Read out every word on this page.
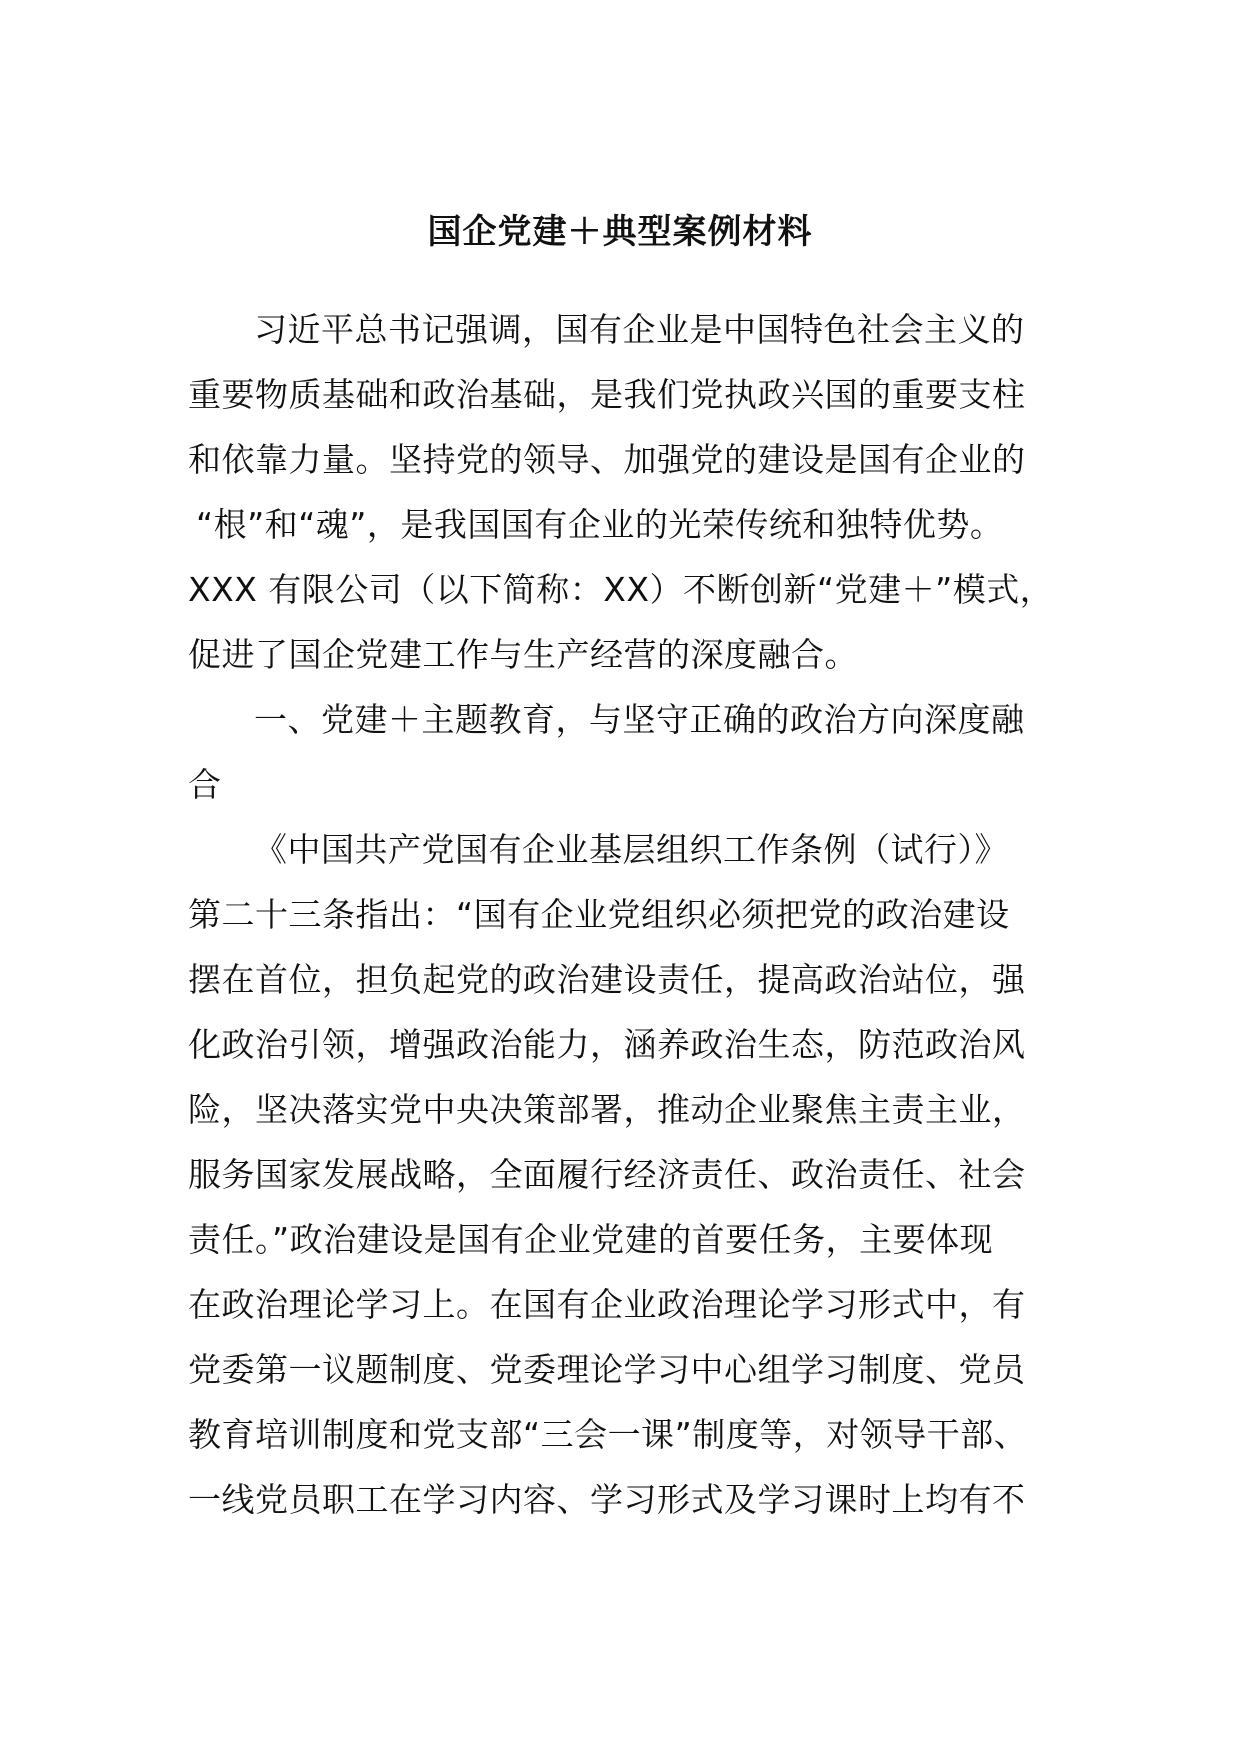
国企党建＋典型案例材料
习近平总书记强调，国有企业是中国特色社会主义的
重要物质基础和政治基础，是我们党执政兴国的重要支柱
和依靠力量。坚持党的领导、加强党的建设是国有企业的
“根”和“魂”，是我国国有企业的光荣传统和独特优势。
XXX 有限公司（以下简称：XX）不断创新“党建＋”模式，
促进了国企党建工作与生产经营的深度融合。
一、党建＋主题教育，与坚守正确的政治方向深度融
合
《中国共产党国有企业基层组织工作条例（试行）》
第二十三条指出：“国有企业党组织必须把党的政治建设
摆在首位，担负起党的政治建设责任，提高政治站位，强
化政治引领，增强政治能力，涵养政治生态，防范政治风
险，坚决落实党中央决策部署，推动企业聚焦主责主业，
服务国家发展战略，全面履行经济责任、政治责任、社会
责任。”政治建设是国有企业党建的首要任务，主要体现
在政治理论学习上。在国有企业政治理论学习形式中，有
党委第一议题制度、党委理论学习中心组学习制度、党员
教育培训制度和党支部“三会一课”制度等，对领导干部、
一线党员职工在学习内容、学习形式及学习课时上均有不
